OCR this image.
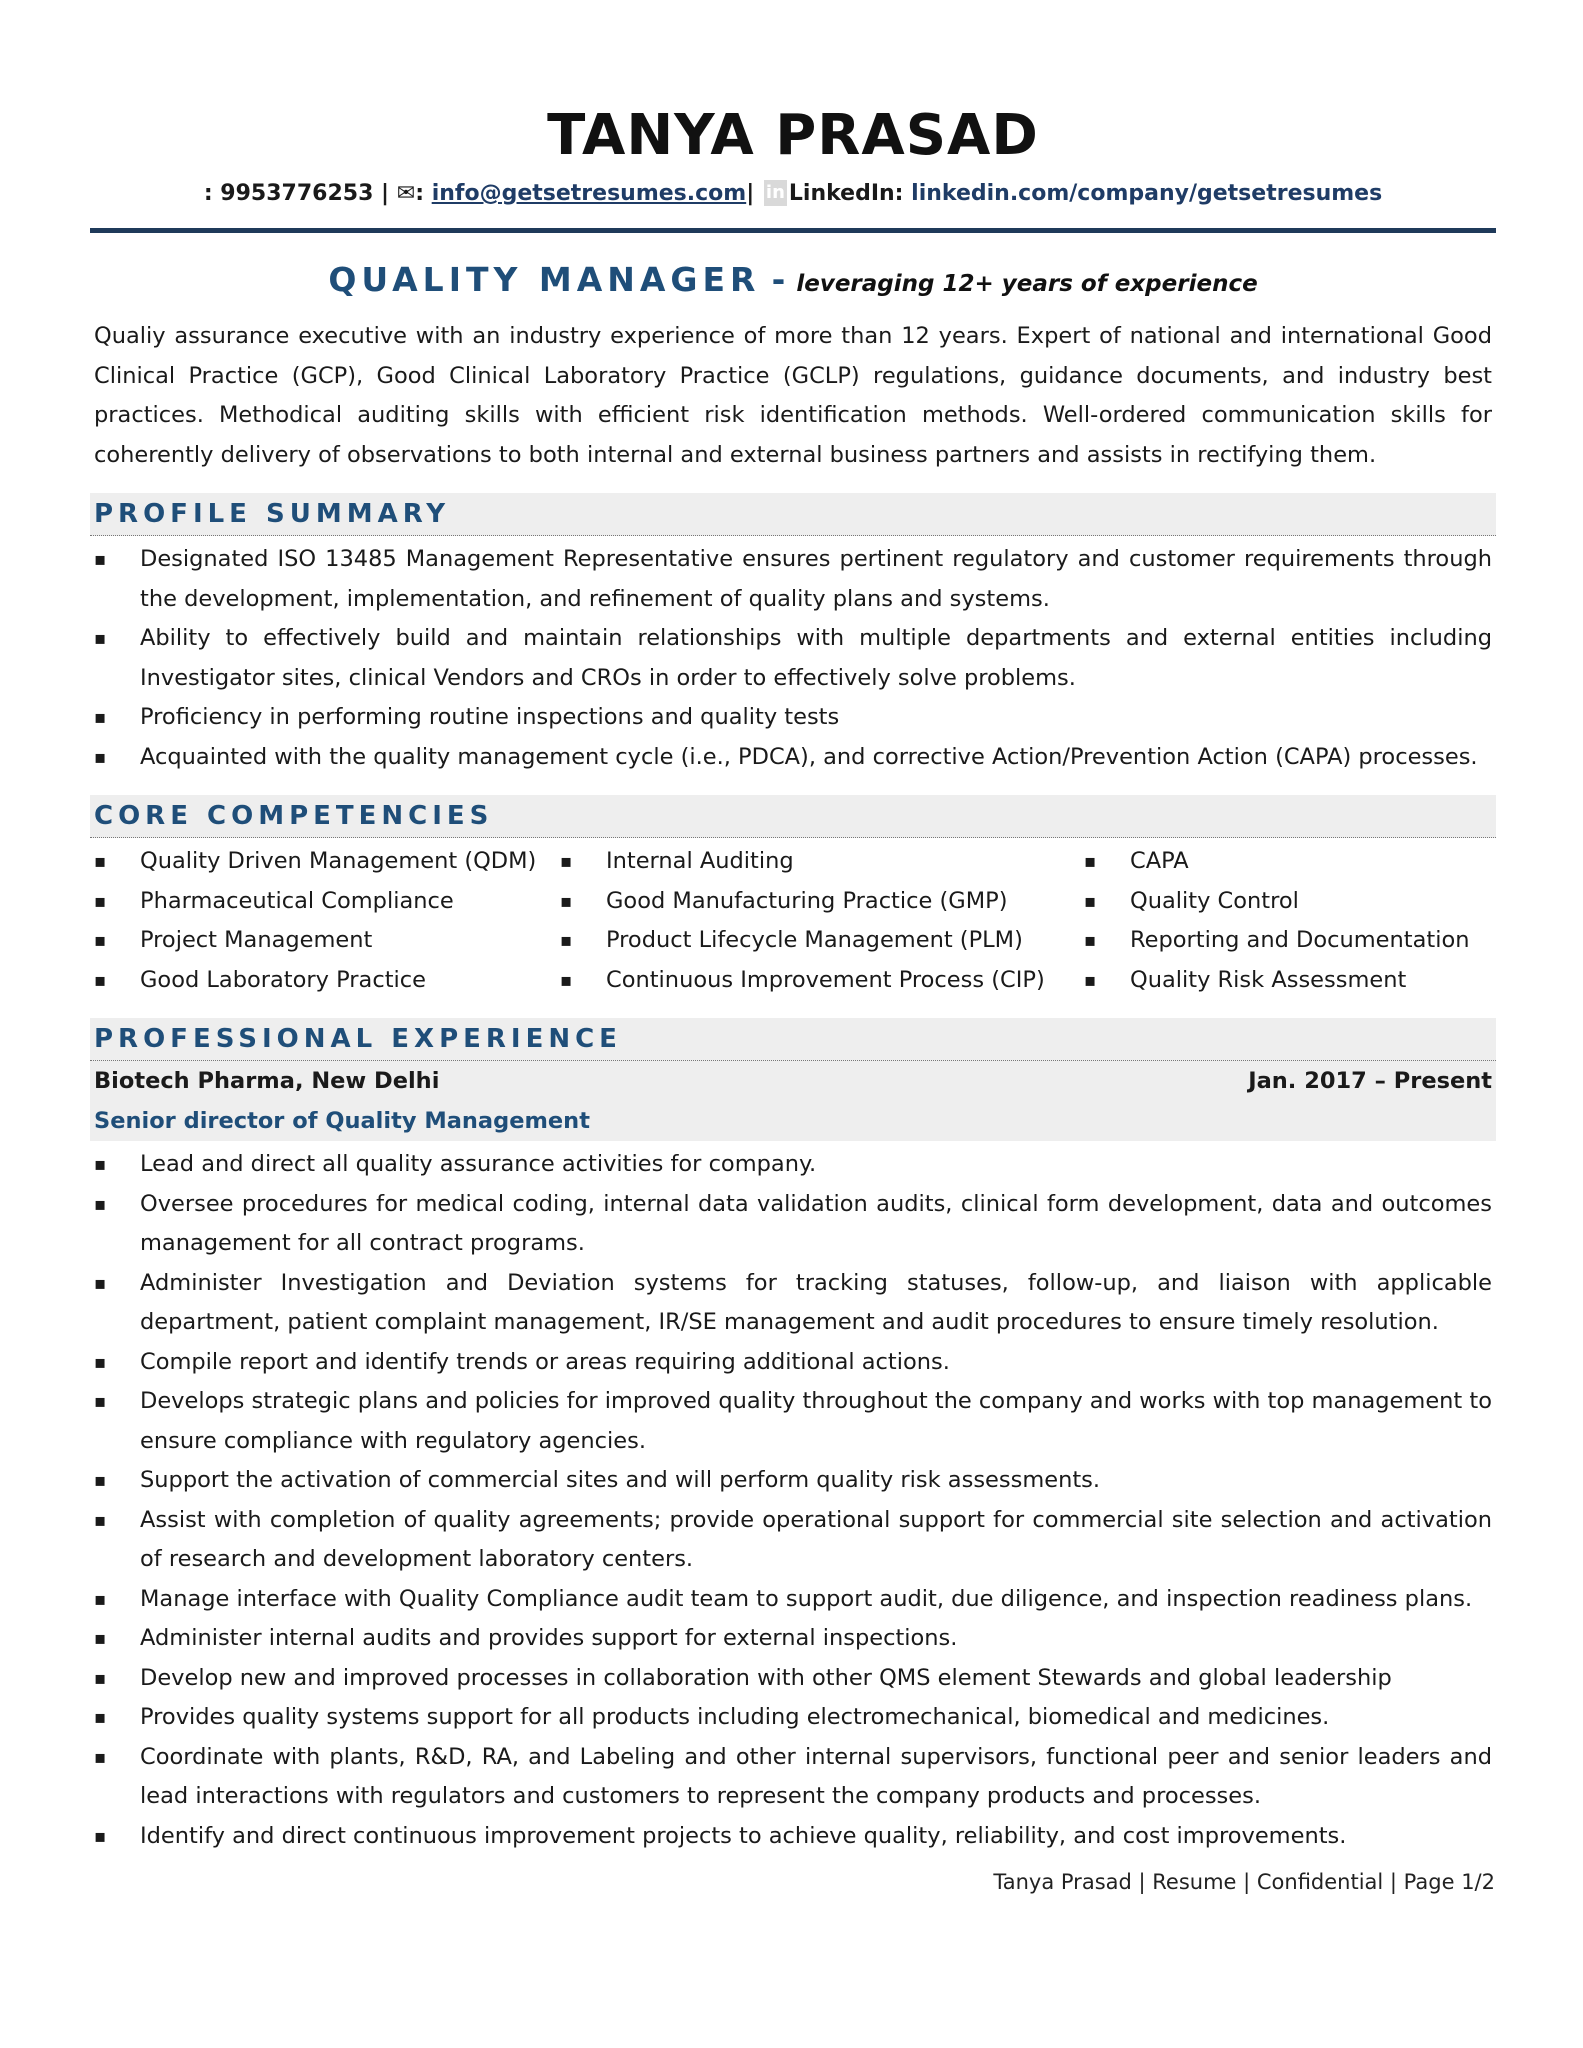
TANYA PRASAD
: 9953776253 | ✉: info@getsetresumes.com| in LinkedIn: linkedin.com/company/getsetresumes
QUALITY MANAGER - leveraging 12+ years of experience

Qualiy assurance executive with an industry experience of more than 12 years. Expert of national and international Good Clinical Practice (GCP), Good Clinical Laboratory Practice (GCLP) regulations, guidance documents, and industry best practices. Methodical auditing skills with efficient risk identification methods. Well-ordered communication skills for coherently delivery of observations to both internal and external business partners and assists in rectifying them.

PROFILE SUMMARY
▪ Designated ISO 13485 Management Representative ensures pertinent regulatory and customer requirements through the development, implementation, and refinement of quality plans and systems.
▪ Ability to effectively build and maintain relationships with multiple departments and external entities including Investigator sites, clinical Vendors and CROs in order to effectively solve problems.
▪ Proficiency in performing routine inspections and quality tests
▪ Acquainted with the quality management cycle (i.e., PDCA), and corrective Action/Prevention Action (CAPA) processes.
CORE COMPETENCIES
▪ Quality Driven Management (QDM)
▪ Pharmaceutical Compliance
▪ Project Management
▪ Good Laboratory Practice
▪ Internal Auditing
▪ Good Manufacturing Practice (GMP)
▪ Product Lifecycle Management (PLM)
▪ Continuous Improvement Process (CIP)
▪ CAPA
▪ Quality Control
▪ Reporting and Documentation
▪ Quality Risk Assessment
PROFESSIONAL EXPERIENCE
Biotech Pharma, New Delhi	Jan. 2017 – Present
Senior director of Quality Management
▪ Lead and direct all quality assurance activities for company.
▪ Oversee procedures for medical coding, internal data validation audits, clinical form development, data and outcomes management for all contract programs.
▪ Administer Investigation and Deviation systems for tracking statuses, follow-up, and liaison with applicable department, patient complaint management, IR/SE management and audit procedures to ensure timely resolution.
▪ Compile report and identify trends or areas requiring additional actions.
▪ Develops strategic plans and policies for improved quality throughout the company and works with top management to ensure compliance with regulatory agencies.
▪ Support the activation of commercial sites and will perform quality risk assessments.
▪ Assist with completion of quality agreements; provide operational support for commercial site selection and activation of research and development laboratory centers.
▪ Manage interface with Quality Compliance audit team to support audit, due diligence, and inspection readiness plans.
▪ Administer internal audits and provides support for external inspections.
▪ Develop new and improved processes in collaboration with other QMS element Stewards and global leadership
▪ Provides quality systems support for all products including electromechanical, biomedical and medicines.
▪ Coordinate with plants, R&D, RA, and Labeling and other internal supervisors, functional peer and senior leaders and lead interactions with regulators and customers to represent the company products and processes.
▪ Identify and direct continuous improvement projects to achieve quality, reliability, and cost improvements.
Tanya Prasad | Resume | Confidential | Page 1/2
